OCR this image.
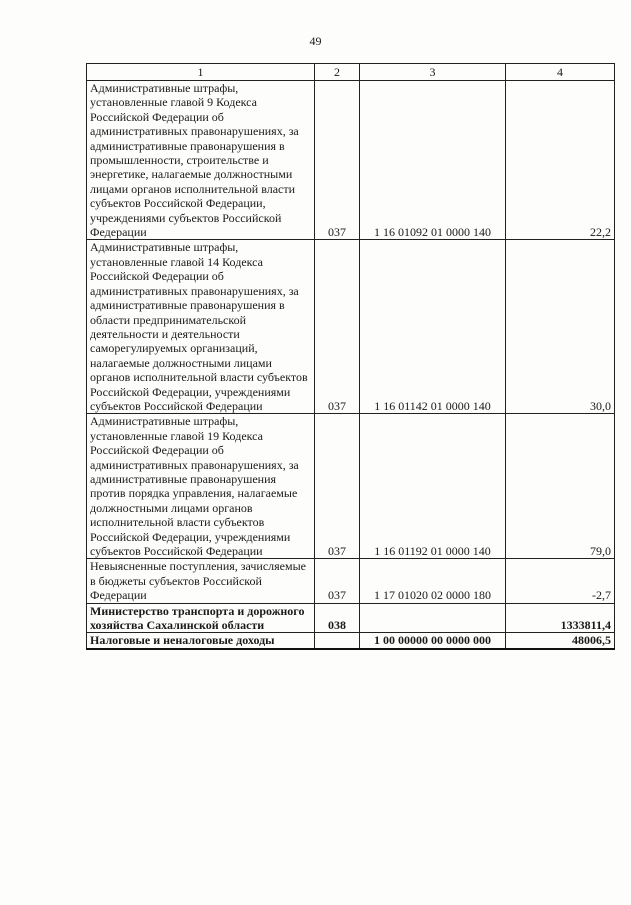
49
1	2	3	4
Административные штрафы, установленные главой 9 Кодекса Российской Федерации об административных правонарушениях, за административные правонарушения в промышленности, строительстве и энергетике, налагаемые должностными лицами органов исполнительной власти субъектов Российской Федерации, учреждениями субъектов Российской Федерации	037	1 16 01092 01 0000 140	22,2
Административные штрафы, установленные главой 14 Кодекса Российской Федерации об административных правонарушениях, за административные правонарушения в области предпринимательской деятельности и деятельности саморегулируемых организаций, налагаемые должностными лицами органов исполнительной власти субъектов Российской Федерации, учреждениями субъектов Российской Федерации	037	1 16 01142 01 0000 140	30,0
Административные штрафы, установленные главой 19 Кодекса Российской Федерации об административных правонарушениях, за административные правонарушения против порядка управления, налагаемые должностными лицами органов исполнительной власти субъектов Российской Федерации, учреждениями субъектов Российской Федерации	037	1 16 01192 01 0000 140	79,0
Невыясненные поступления, зачисляемые в бюджеты субъектов Российской Федерации	037	1 17 01020 02 0000 180	-2,7
Министерство транспорта и дорожного хозяйства Сахалинской области	038		1333811,4
Налоговые и неналоговые доходы		1 00 00000 00 0000 000	48006,5
